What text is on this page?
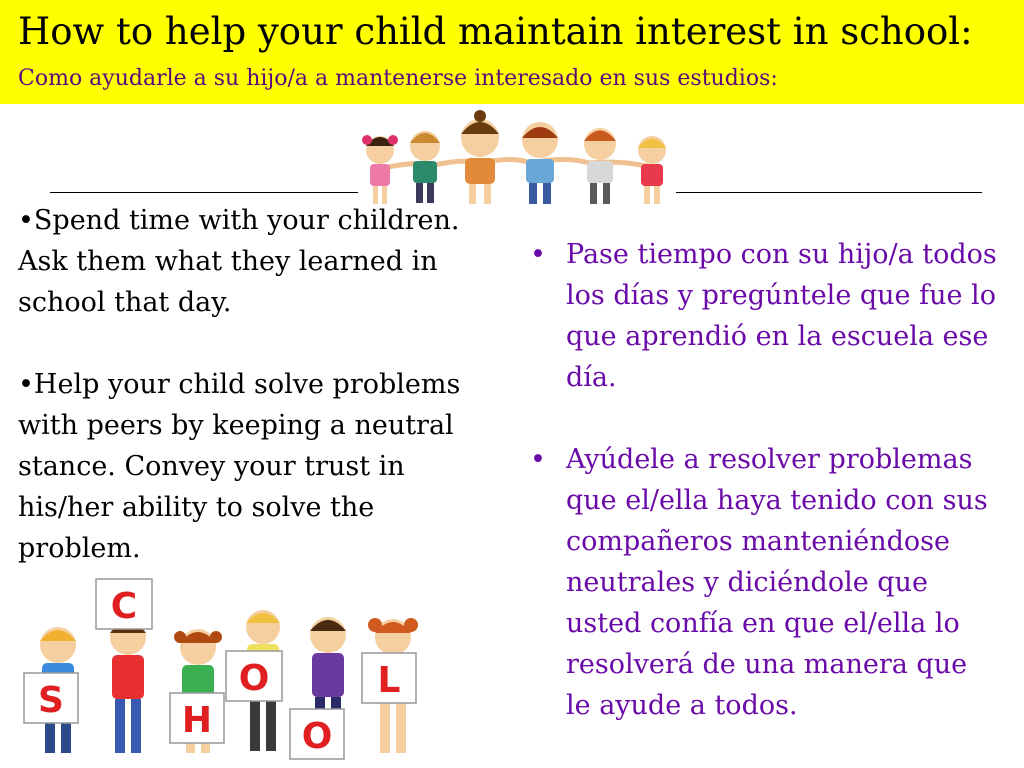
How to help your child maintain interest in school:
Como ayudarle a su hijo/a a mantenerse interesado en sus estudios:

•Spend time with your children. Ask them what they learned in school that day.

•Help your child solve problems with peers by keeping a neutral stance. Convey your trust in his/her ability to solve the problem.

• Pase tiempo con su hijo/a todos los días y pregúntele que fue lo que aprendió en la escuela ese día.
• Ayúdele a resolver problemas que el/ella haya tenido con sus compañeros manteniéndose neutrales y diciéndole que usted confía en que el/ella lo resolverá de una manera que le ayude a todos.
C
S	H
O
O
L
